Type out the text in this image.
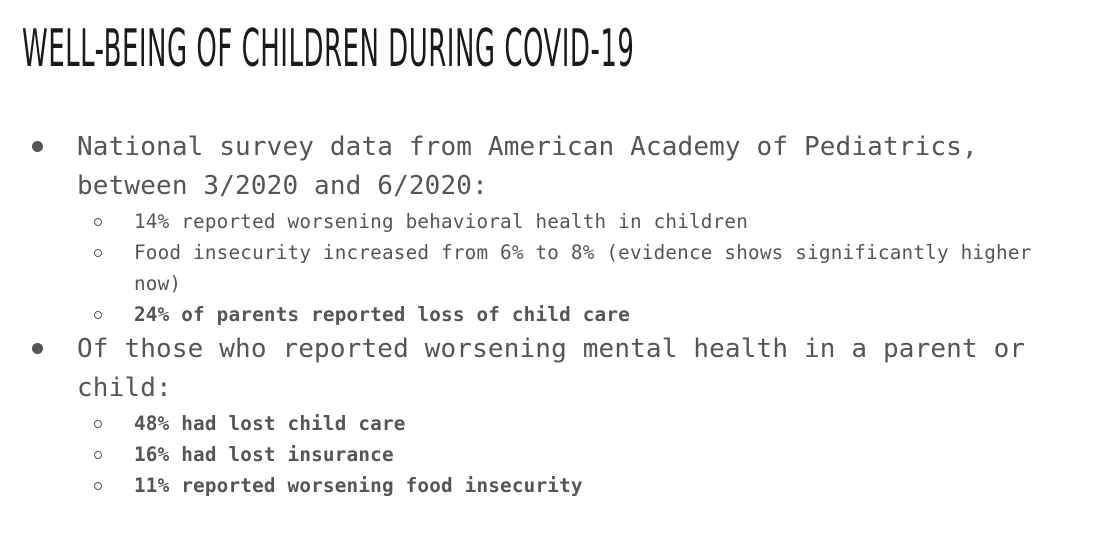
WELL-BEING OF CHILDREN DURING COVID-19
National survey data from American Academy of Pediatrics, between 3/2020 and 6/2020:
14% reported worsening behavioral health in children
Food insecurity increased from 6% to 8% (evidence shows significantly higher now)
24% of parents reported loss of child care
Of those who reported worsening mental health in a parent or child:
48% had lost child care
16% had lost insurance
11% reported worsening food insecurity
